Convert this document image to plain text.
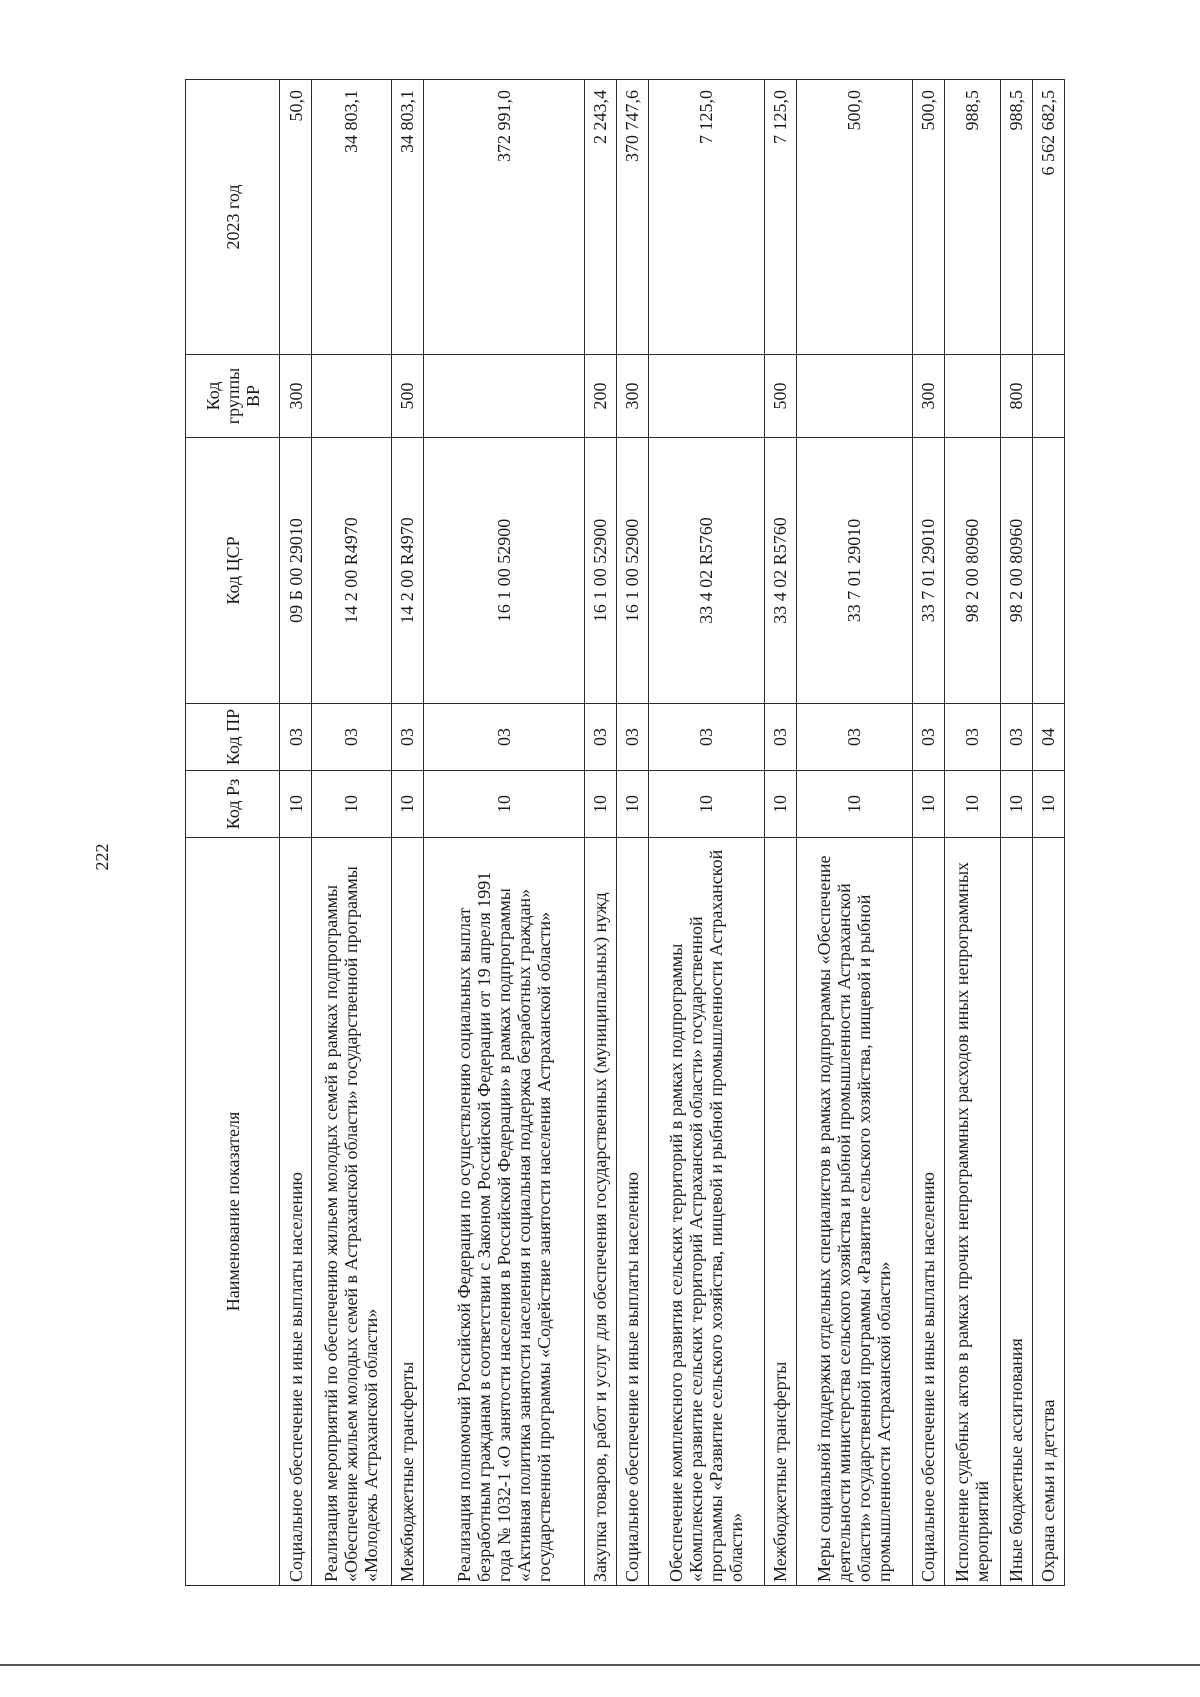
222
Наименование показателя	Код Рз	Код ПР	Код ЦСР	Код группы ВР	2023 год
Социальное обеспечение и иные выплаты населению	10	03	09 Б 00 29010	300	50,0
Реализация мероприятий по обеспечению жильем молодых семей в рамках подпрограммы «Обеспечение жильем молодых семей в Астраханской области» государственной программы «Молодежь Астраханской области»	10	03	14 2 00 R4970		34 803,1
Межбюджетные трансферты	10	03	14 2 00 R4970	500	34 803,1
Реализация полномочий Российской Федерации по осуществлению социальных выплат безработным гражданам в соответствии с Законом Российской Федерации от 19 апреля 1991 года № 1032-1 «О занятости населения в Российской Федерации» в рамках подпрограммы «Активная политика занятости населения и социальная поддержка безработных граждан» государственной программы «Содействие занятости населения Астраханской области»	10	03	16 1 00 52900		372 991,0
Закупка товаров, работ и услуг для обеспечения государственных (муниципальных) нужд	10	03	16 1 00 52900	200	2 243,4
Социальное обеспечение и иные выплаты населению	10	03	16 1 00 52900	300	370 747,6
Обеспечение комплексного развития сельских территорий в рамках подпрограммы «Комплексное развитие сельских территорий Астраханской области» государственной программы «Развитие сельского хозяйства, пищевой и рыбной промышленности Астраханской области»	10	03	33 4 02 R5760		7 125,0
Межбюджетные трансферты	10	03	33 4 02 R5760	500	7 125,0
Меры социальной поддержки отдельных специалистов в рамках подпрограммы «Обеспечение деятельности министерства сельского хозяйства и рыбной промышленности Астраханской области» государственной программы «Развитие сельского хозяйства, пищевой и рыбной промышленности Астраханской области»	10	03	33 7 01 29010		500,0
Социальное обеспечение и иные выплаты населению	10	03	33 7 01 29010	300	500,0
Исполнение судебных актов в рамках прочих непрограммных расходов иных непрограммных мероприятий	10	03	98 2 00 80960		988,5
Иные бюджетные ассигнования	10	03	98 2 00 80960	800	988,5
Охрана семьи и детства	10	04			6 562 682,5
